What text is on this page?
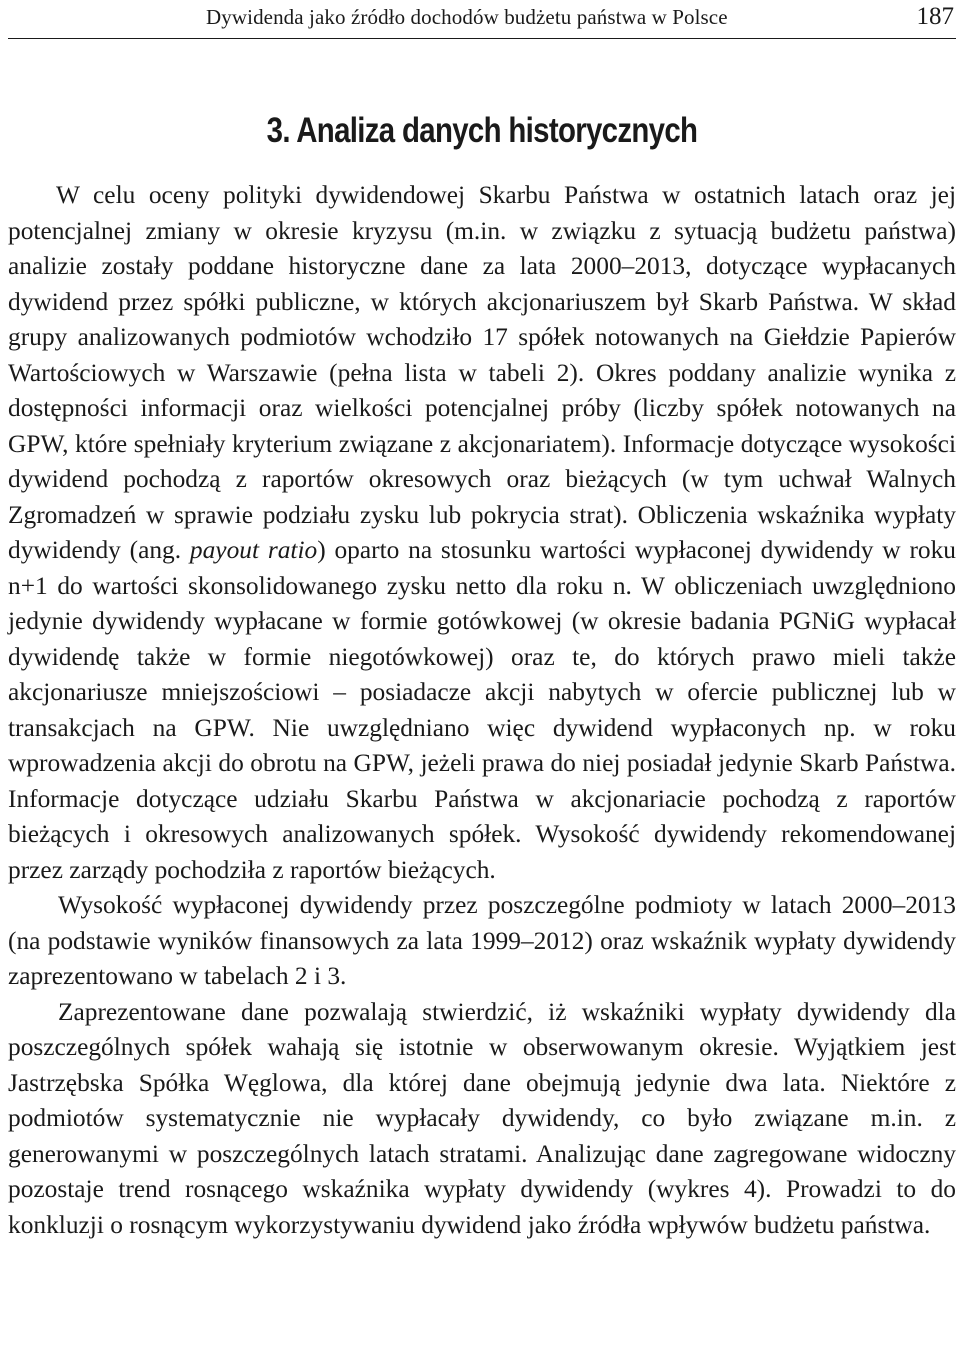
Dywidenda jako źródło dochodów budżetu państwa w Polsce	187
3. Analiza danych historycznych

W celu oceny polityki dywidendowej Skarbu Państwa w ostatnich latach oraz jej potencjalnej zmiany w okresie kryzysu (m.in. w związku z sytuacją budżetu państwa) analizie zostały poddane historyczne dane za lata 2000–2013, dotyczące wypłacanych dywidend przez spółki publiczne, w których akcjonariuszem był Skarb Państwa. W skład grupy analizowanych podmiotów wchodziło 17 spółek notowanych na Giełdzie Papierów Wartościowych w Warszawie (pełna lista w tabeli 2). Okres poddany analizie wynika z dostępności informacji oraz wielkości potencjalnej próby (liczby spółek notowanych na GPW, które spełniały kryterium związane z akcjonariatem). Informacje dotyczące wysokości dywidend pochodzą z raportów okresowych oraz bieżących (w tym uchwał Walnych Zgromadzeń w sprawie podziału zysku lub pokrycia strat). Obliczenia wskaźnika wypłaty dywidendy (ang. payout ratio) oparto na stosunku wartości wypłaconej dywidendy w roku n+1 do wartości skonsolidowanego zysku netto dla roku n. W obliczeniach uwzględniono jedynie dywidendy wypłacane w formie gotówkowej (w okresie badania PGNiG wypłacał dywidendę także w formie niegotówkowej) oraz te, do których prawo mieli także akcjonariusze mniejszościowi – posiadacze akcji nabytych w ofercie publicznej lub w transakcjach na GPW. Nie uwzględniano więc dywidend wypłaconych np. w roku wprowadzenia akcji do obrotu na GPW, jeżeli prawa do niej posiadał jedynie Skarb Państwa. Informacje dotyczące udziału Skarbu Państwa w akcjonariacie pochodzą z raportów bieżących i okresowych analizowanych spółek. Wysokość dywidendy rekomendowanej przez zarządy pochodziła z raportów bieżących.

Wysokość wypłaconej dywidendy przez poszczególne podmioty w latach 2000–2013 (na podstawie wyników finansowych za lata 1999–2012) oraz wskaźnik wypłaty dywidendy zaprezentowano w tabelach 2 i 3.

Zaprezentowane dane pozwalają stwierdzić, iż wskaźniki wypłaty dywidendy dla poszczególnych spółek wahają się istotnie w obserwowanym okresie. Wyjątkiem jest Jastrzębska Spółka Węglowa, dla której dane obejmują jedynie dwa lata. Niektóre z podmiotów systematycznie nie wypłacały dywidendy, co było związane m.in. z generowanymi w poszczególnych latach stratami. Analizując dane zagregowane widoczny pozostaje trend rosnącego wskaźnika wypłaty dywidendy (wykres 4). Prowadzi to do konkluzji o rosnącym wykorzystywaniu dywidend jako źródła wpływów budżetu państwa.
